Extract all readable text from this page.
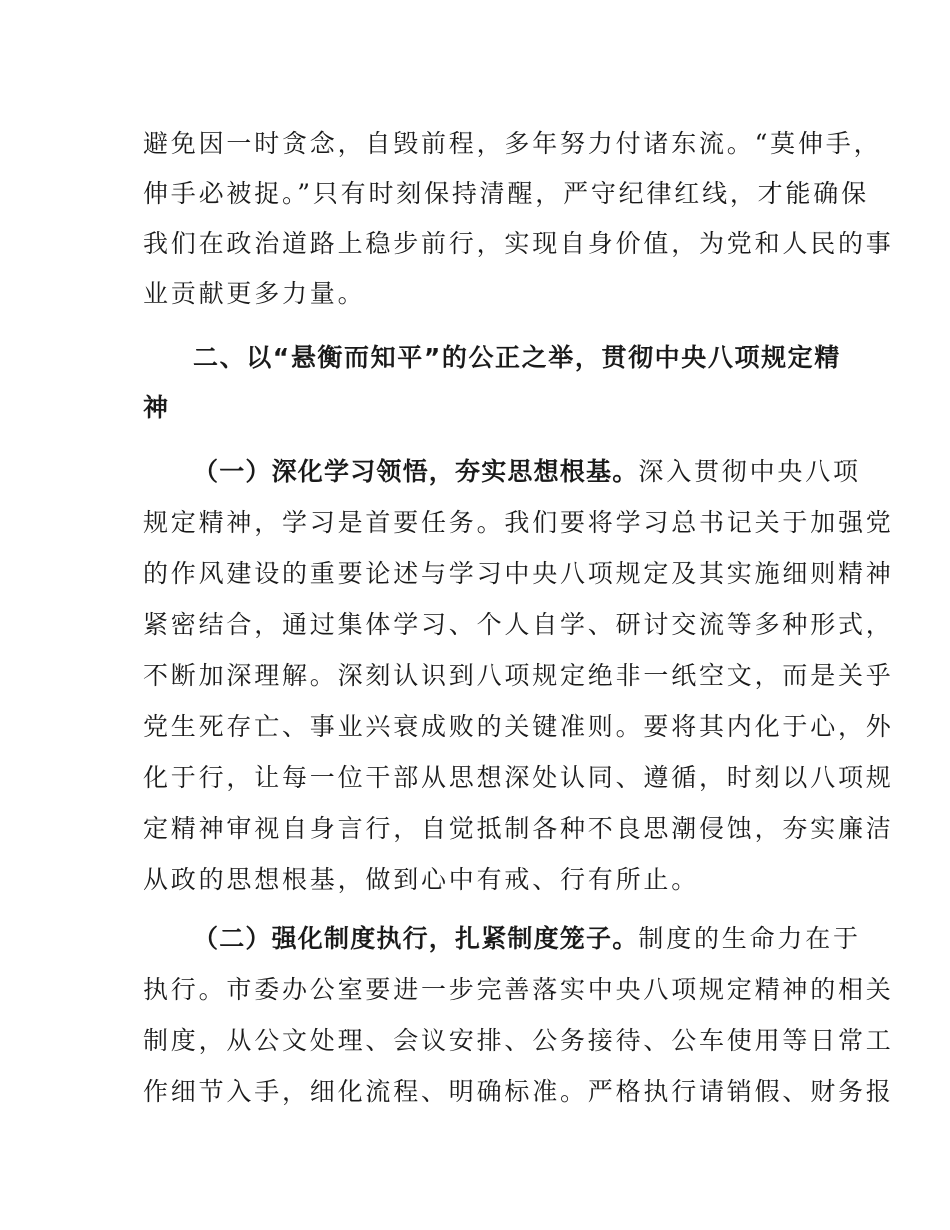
避免因一时贪念，自毁前程，多年努力付诸东流。“莫伸手，
伸手必被捉。”只有时刻保持清醒，严守纪律红线，才能确保
我们在政治道路上稳步前行，实现自身价值，为党和人民的事
业贡献更多力量。
二、以“悬衡而知平”的公正之举，贯彻中央八项规定精
神
（一）深化学习领悟，夯实思想根基。深入贯彻中央八项
规定精神，学习是首要任务。我们要将学习总书记关于加强党
的作风建设的重要论述与学习中央八项规定及其实施细则精神
紧密结合，通过集体学习、个人自学、研讨交流等多种形式，
不断加深理解。深刻认识到八项规定绝非一纸空文，而是关乎
党生死存亡、事业兴衰成败的关键准则。要将其内化于心，外
化于行，让每一位干部从思想深处认同、遵循，时刻以八项规
定精神审视自身言行，自觉抵制各种不良思潮侵蚀，夯实廉洁
从政的思想根基，做到心中有戒、行有所止。
（二）强化制度执行，扎紧制度笼子。制度的生命力在于
执行。市委办公室要进一步完善落实中央八项规定精神的相关
制度，从公文处理、会议安排、公务接待、公车使用等日常工
作细节入手，细化流程、明确标准。严格执行请销假、财务报
